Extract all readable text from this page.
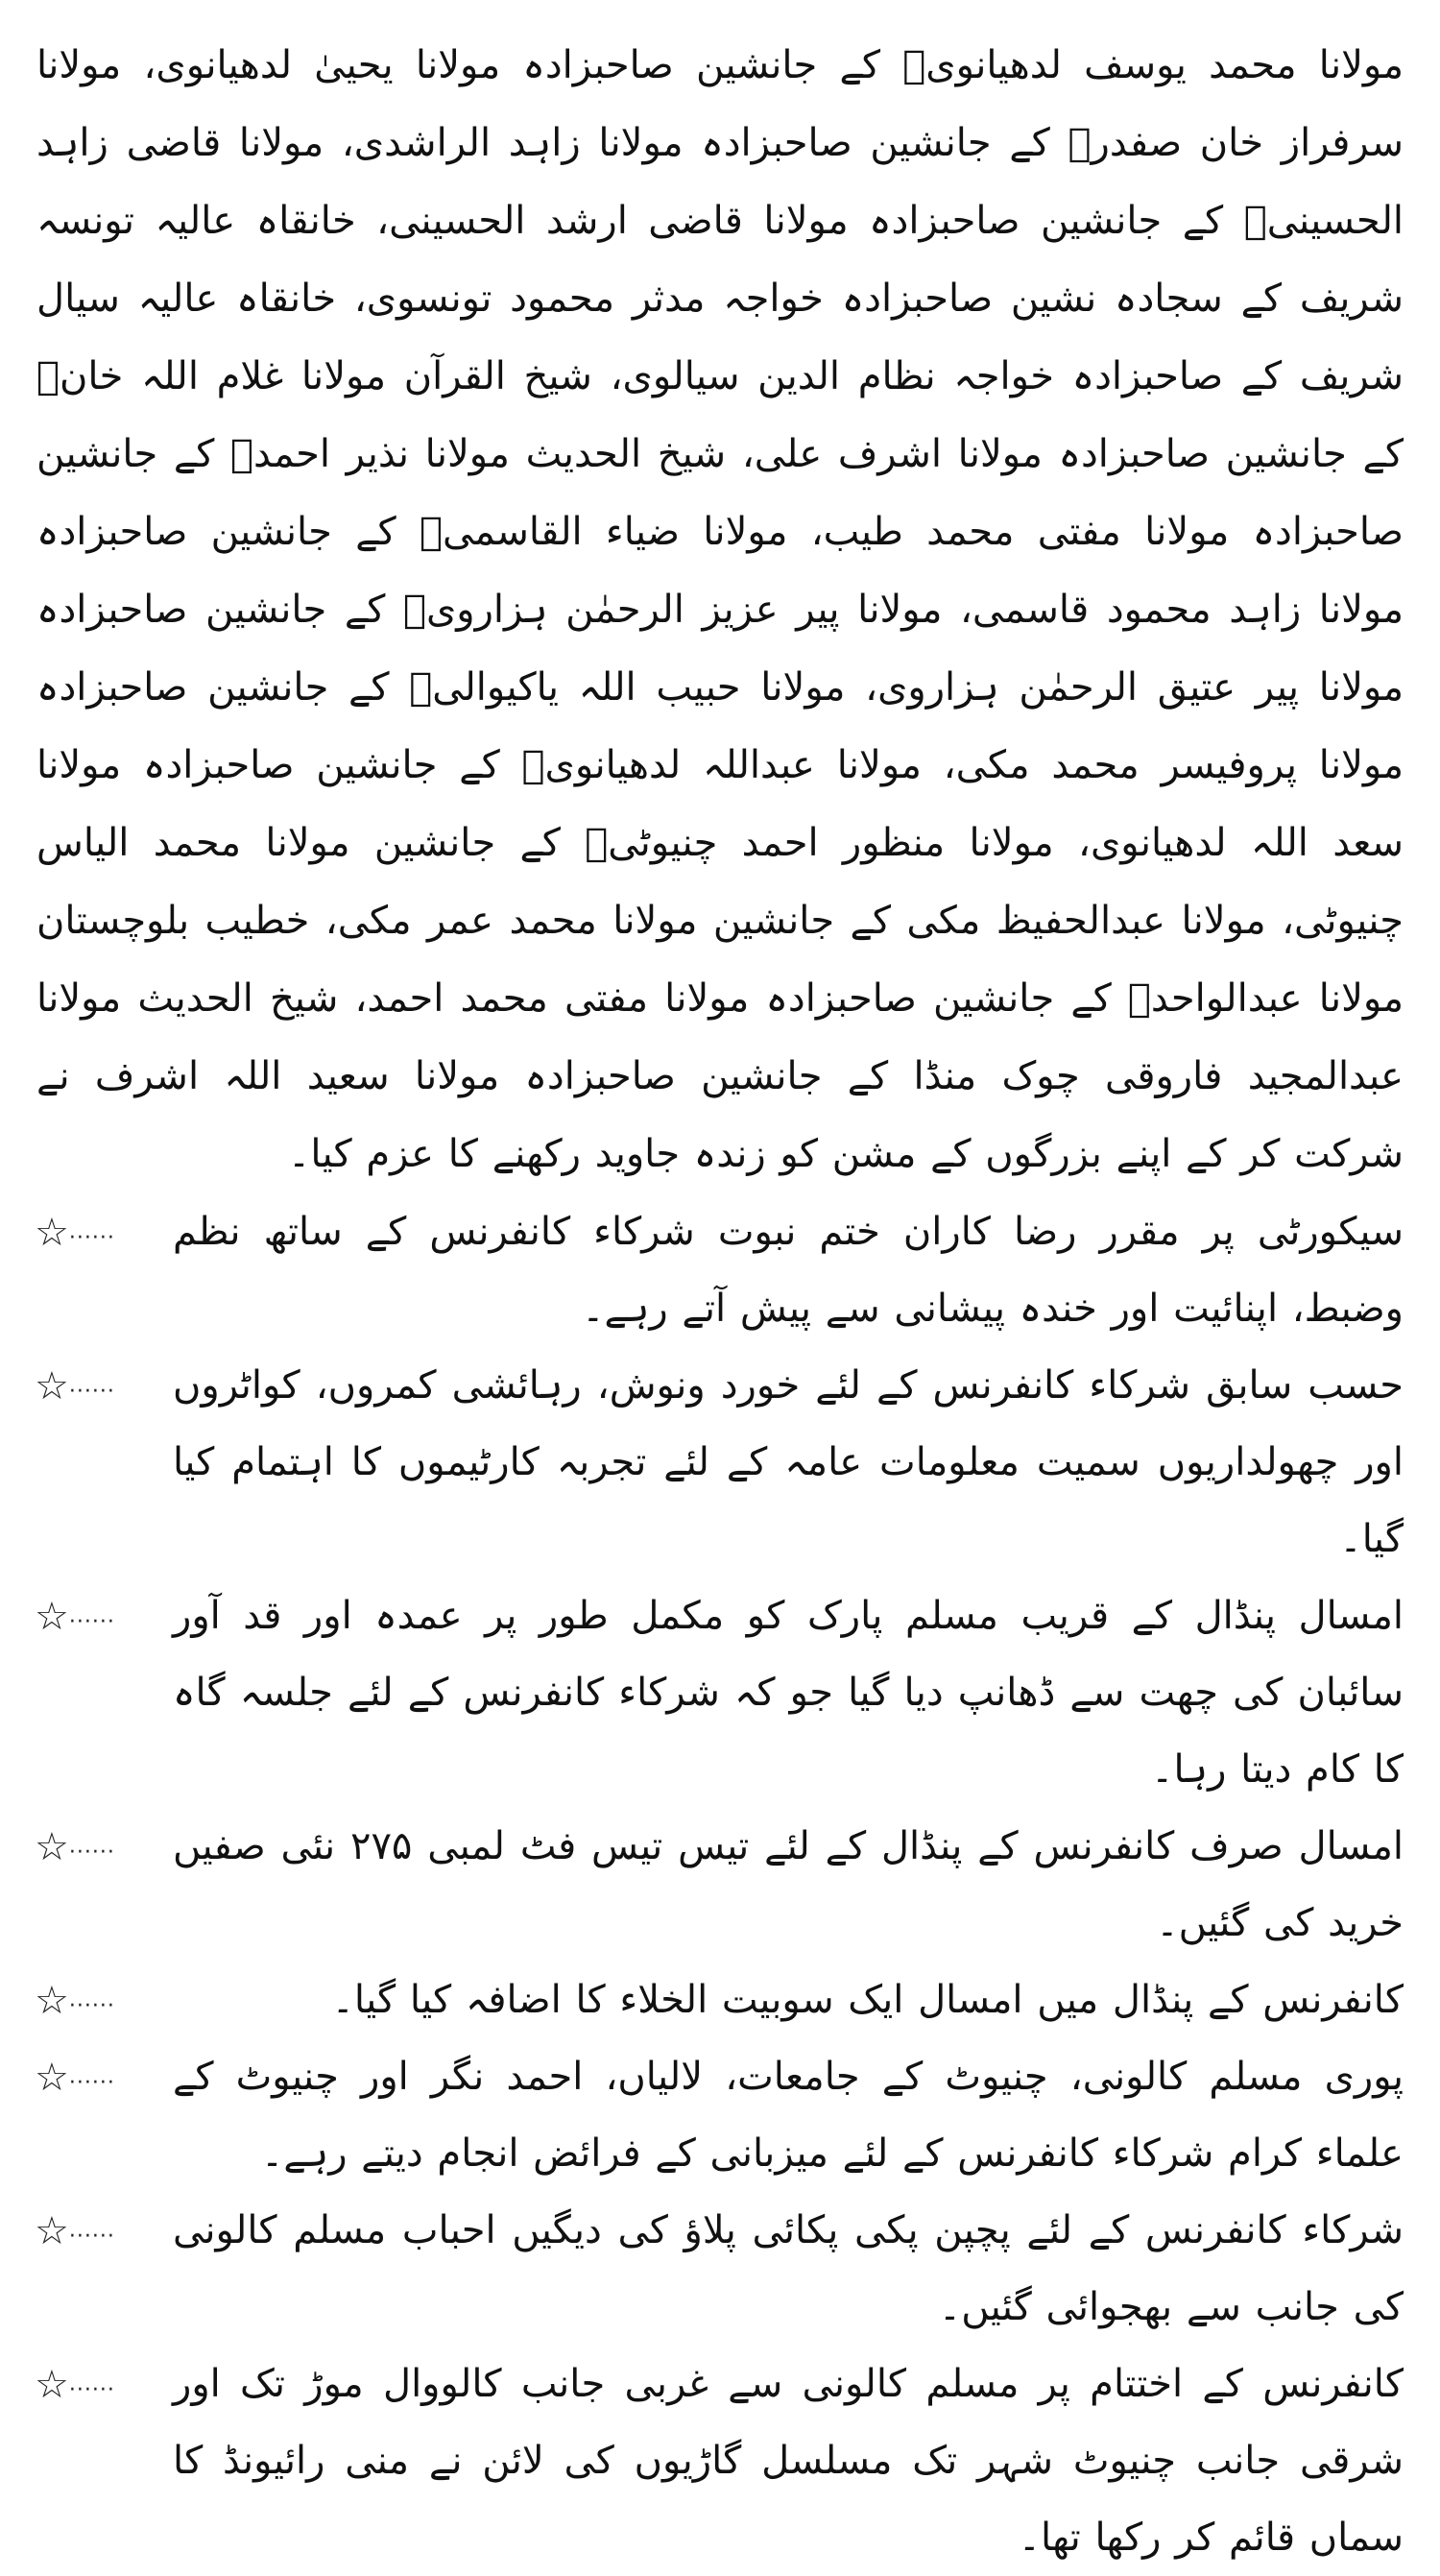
مولانا محمد یوسف لدھیانویؒ کے جانشین صاحبزادہ مولانا یحییٰ لدھیانوی، مولانا سرفراز خان صفدرؒ کے جانشین صاحبزادہ مولانا زاہد الراشدی، مولانا قاضی زاہد الحسینیؒ کے جانشین صاحبزادہ مولانا قاضی ارشد الحسینی، خانقاہ عالیہ تونسہ شریف کے سجادہ نشین صاحبزادہ خواجہ مدثر محمود تونسوی، خانقاہ عالیہ سیال شریف کے صاحبزادہ خواجہ نظام الدین سیالوی، شیخ القرآن مولانا غلام اللہ خانؒ کے جانشین صاحبزادہ مولانا اشرف علی، شیخ الحدیث مولانا نذیر احمدؒ کے جانشین صاحبزادہ مولانا مفتی محمد طیب، مولانا ضیاء القاسمیؒ کے جانشین صاحبزادہ مولانا زاہد محمود قاسمی، مولانا پیر عزیز الرحمٰن ہزارویؒ کے جانشین صاحبزادہ مولانا پیر عتیق الرحمٰن ہزاروی، مولانا حبیب اللہ یاکیوالیؒ کے جانشین صاحبزادہ مولانا پروفیسر محمد مکی، مولانا عبداللہ لدھیانویؒ کے جانشین صاحبزادہ مولانا سعد اللہ لدھیانوی، مولانا منظور احمد چنیوٹیؒ کے جانشین مولانا محمد الیاس چنیوٹی، مولانا عبدالحفیظ مکی کے جانشین مولانا محمد عمر مکی، خطیب بلوچستان مولانا عبدالواحدؒ کے جانشین صاحبزادہ مولانا مفتی محمد احمد، شیخ الحدیث مولانا عبدالمجید فاروقی چوک منڈا کے جانشین صاحبزادہ مولانا سعید اللہ اشرف نے شرکت کر کے اپنے بزرگوں کے مشن کو زندہ جاوید رکھنے کا عزم کیا۔

☆...... سیکورٹی پر مقرر رضا کاران ختم نبوت شرکاء کانفرنس کے ساتھ نظم وضبط، اپنائیت اور خندہ پیشانی سے پیش آتے رہے۔
☆...... حسب سابق شرکاء کانفرنس کے لئے خورد ونوش، رہائشی کمروں، کواٹروں اور چھولداریوں سمیت معلومات عامہ کے لئے تجربہ کارٹیموں کا اہتمام کیا گیا۔
☆...... امسال پنڈال کے قریب مسلم پارک کو مکمل طور پر عمدہ اور قد آور سائبان کی چھت سے ڈھانپ دیا گیا جو کہ شرکاء کانفرنس کے لئے جلسہ گاہ کا کام دیتا رہا۔
☆...... امسال صرف کانفرنس کے پنڈال کے لئے تیس تیس فٹ لمبی ۲۷۵ نئی صفیں خرید کی گئیں۔
☆......	کانفرنس کے پنڈال میں امسال ایک سوبیت الخلاء کا اضافہ کیا گیا۔
☆...... پوری مسلم کالونی، چنیوٹ کے جامعات، لالیاں، احمد نگر اور چنیوٹ کے علماء کرام شرکاء کانفرنس کے لئے میزبانی کے فرائض انجام دیتے رہے۔
☆...... شرکاء کانفرنس کے لئے پچپن پکی پکائی پلاؤ کی دیگیں احباب مسلم کالونی کی جانب سے بھجوائی گئیں۔
☆...... کانفرنس کے اختتام پر مسلم کالونی سے غربی جانب کالووال موڑ تک اور شرقی جانب چنیوٹ شہر تک مسلسل گاڑیوں کی لائن نے منی رائیونڈ کا سماں قائم کر رکھا تھا۔
